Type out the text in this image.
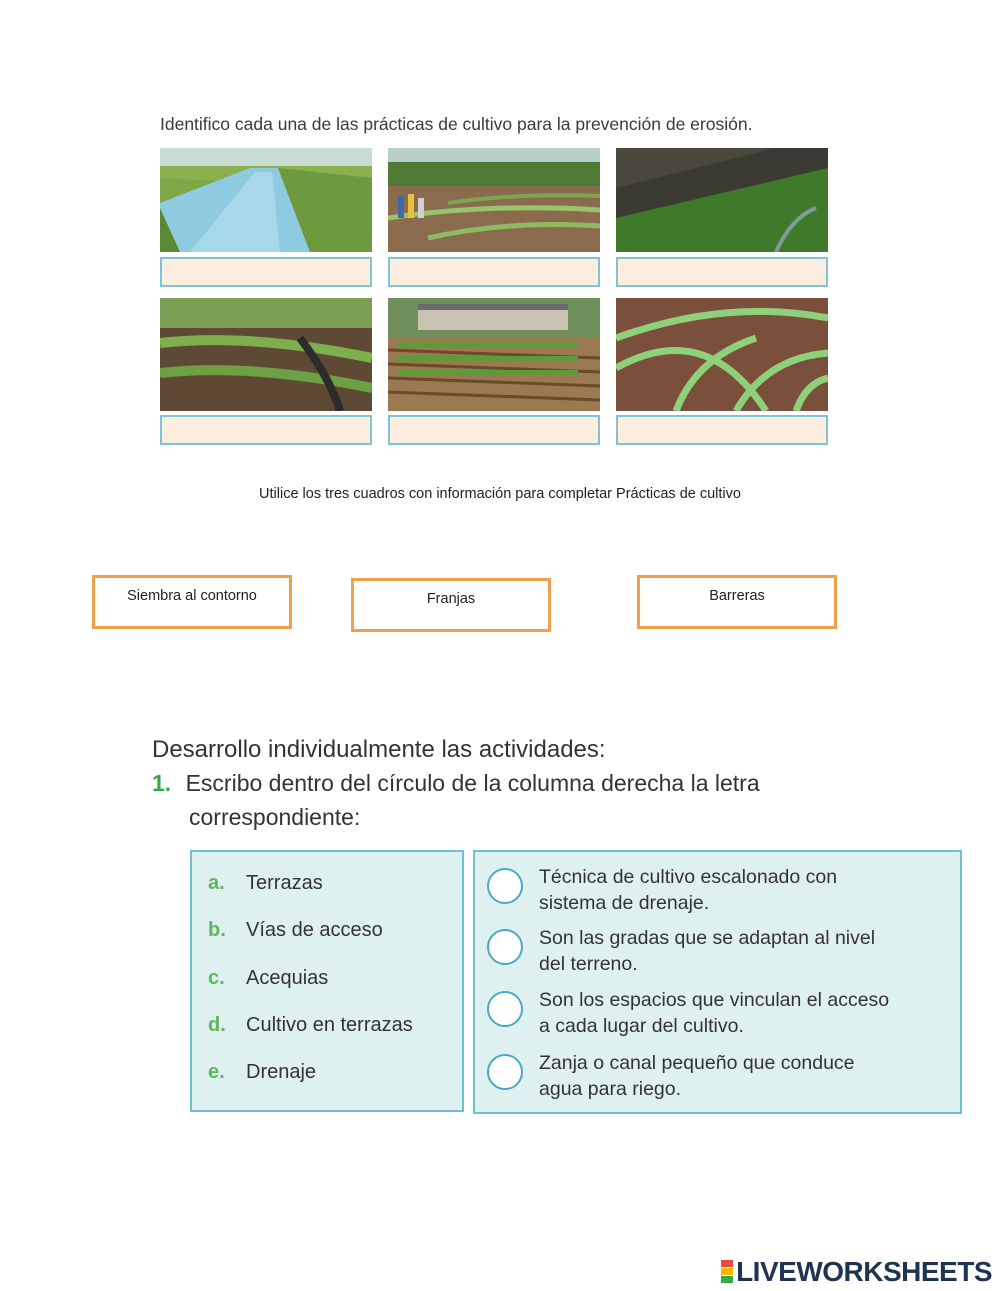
Identifico cada una de las prácticas de cultivo para la prevención de erosión.
Utilice los tres cuadros con información para completar Prácticas de cultivo
Siembra al contorno	Franjas	Barreras
Desarrollo individualmente las actividades:
1. Escribo dentro del círculo de la columna derecha la letra
correspondiente:
a. Terrazas
b. Vías de acceso
c. Acequias
d. Cultivo en terrazas
e. Drenaje
Técnica de cultivo escalonado con
sistema de drenaje.
Son las gradas que se adaptan al nivel
del terreno.
Son los espacios que vinculan el acceso
a cada lugar del cultivo.
Zanja o canal pequeño que conduce
agua para riego.
LIVEWORKSHEETS
